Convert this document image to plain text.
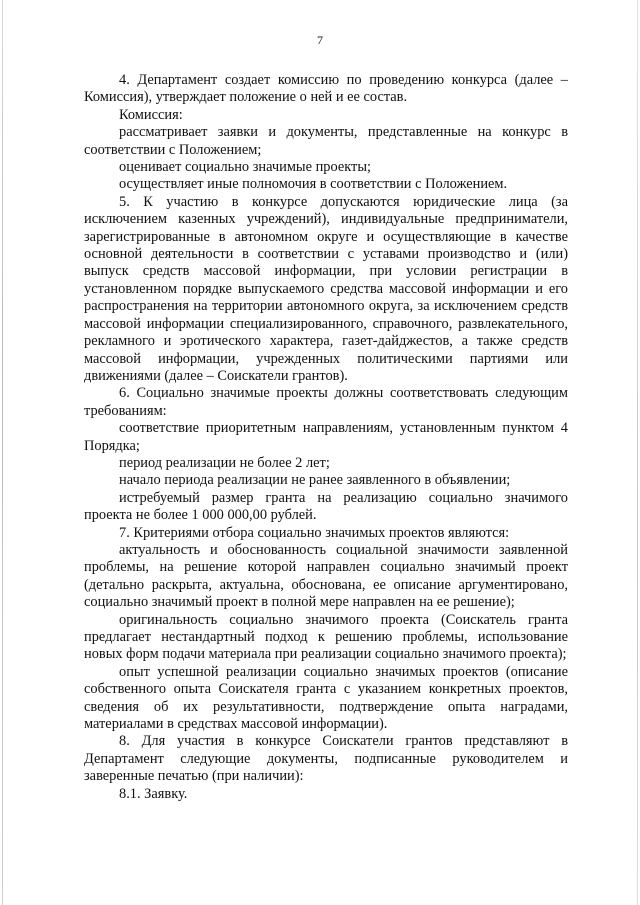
7

4. Департамент создает комиссию по проведению конкурса (далее – Комиссия), утверждает положение о ней и ее состав.

Комиссия:

рассматривает заявки и документы, представленные на конкурс в соответствии с Положением;

оценивает социально значимые проекты;

осуществляет иные полномочия в соответствии с Положением.

5. К участию в конкурсе допускаются юридические лица (за исключением казенных учреждений), индивидуальные предприниматели, зарегистрированные в автономном округе и осуществляющие в качестве основной деятельности в соответствии с уставами производство и (или) выпуск средств массовой информации, при условии регистрации в установленном порядке выпускаемого средства массовой информации и его распространения на территории автономного округа, за исключением средств массовой информации специализированного, справочного, развлекательного, рекламного и эротического характера, газет-дайджестов, а также средств массовой информации, учрежденных политическими партиями или движениями (далее – Соискатели грантов).

6. Социально значимые проекты должны соответствовать следующим требованиям:

соответствие приоритетным направлениям, установленным пунктом 4 Порядка;

период реализации не более 2 лет;

начало периода реализации не ранее заявленного в объявлении;

истребуемый размер гранта на реализацию социально значимого проекта не более 1 000 000,00 рублей.

7. Критериями отбора социально значимых проектов являются:

актуальность и обоснованность социальной значимости заявленной проблемы, на решение которой направлен социально значимый проект (детально раскрыта, актуальна, обоснована, ее описание аргументировано, социально значимый проект в полной мере направлен на ее решение);

оригинальность социально значимого проекта (Соискатель гранта предлагает нестандартный подход к решению проблемы, использование новых форм подачи материала при реализации социально значимого проекта);

опыт успешной реализации социально значимых проектов (описание собственного опыта Соискателя гранта с указанием конкретных проектов, сведения об их результативности, подтверждение опыта наградами, материалами в средствах массовой информации).

8. Для участия в конкурсе Соискатели грантов представляют в Департамент следующие документы, подписанные руководителем и заверенные печатью (при наличии):

8.1. Заявку.
